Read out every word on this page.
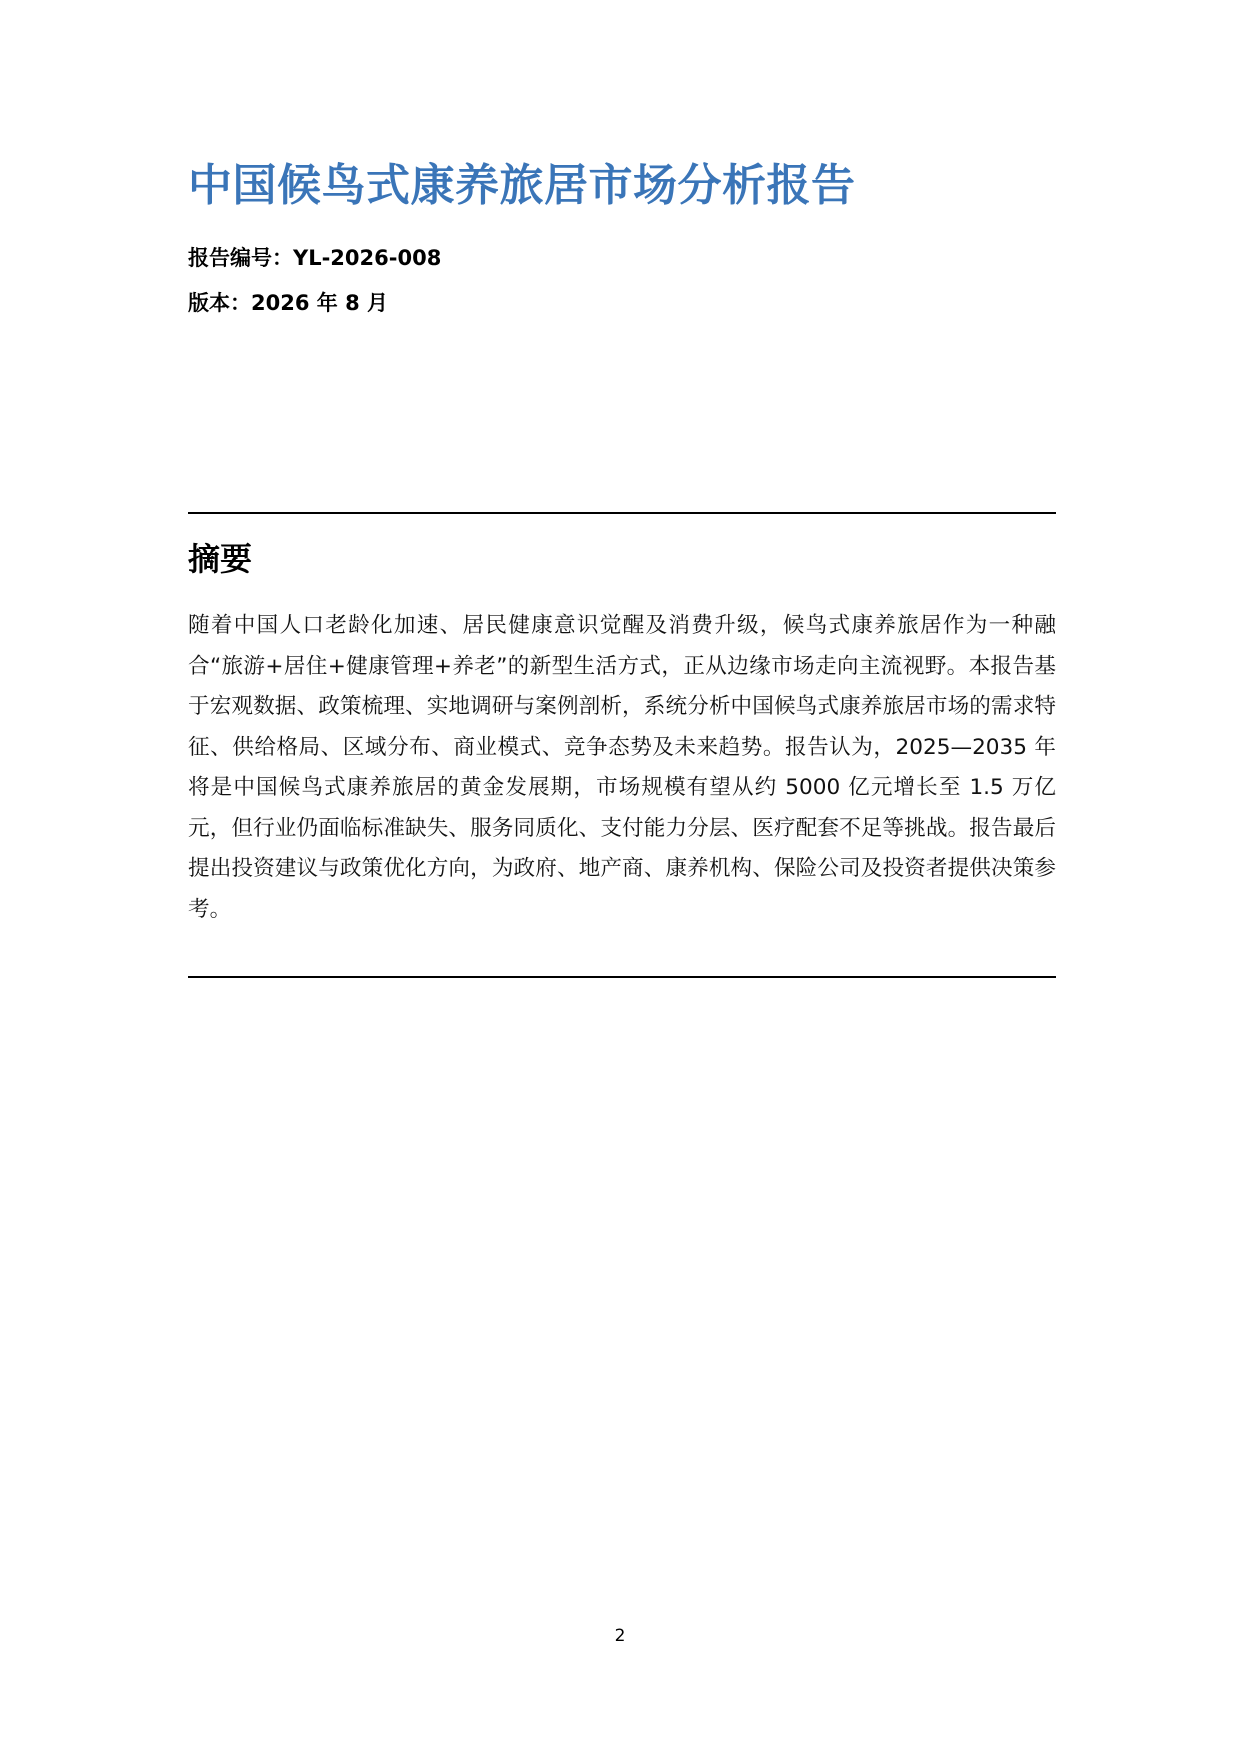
中国候鸟式康养旅居市场分析报告
报告编号：YL-2026-008
版本：2026 年 8 月
摘要

随着中国人口老龄化加速、居民健康意识觉醒及消费升级，候鸟式康养旅居作为一种融合“旅游+居住+健康管理+养老”的新型生活方式，正从边缘市场走向主流视野。本报告基于宏观数据、政策梳理、实地调研与案例剖析，系统分析中国候鸟式康养旅居市场的需求特征、供给格局、区域分布、商业模式、竞争态势及未来趋势。报告认为，2025—2035 年将是中国候鸟式康养旅居的黄金发展期，市场规模有望从约 5000 亿元增长至 1.5 万亿元，但行业仍面临标准缺失、服务同质化、支付能力分层、医疗配套不足等挑战。报告最后提出投资建议与政策优化方向，为政府、地产商、康养机构、保险公司及投资者提供决策参考。

2
